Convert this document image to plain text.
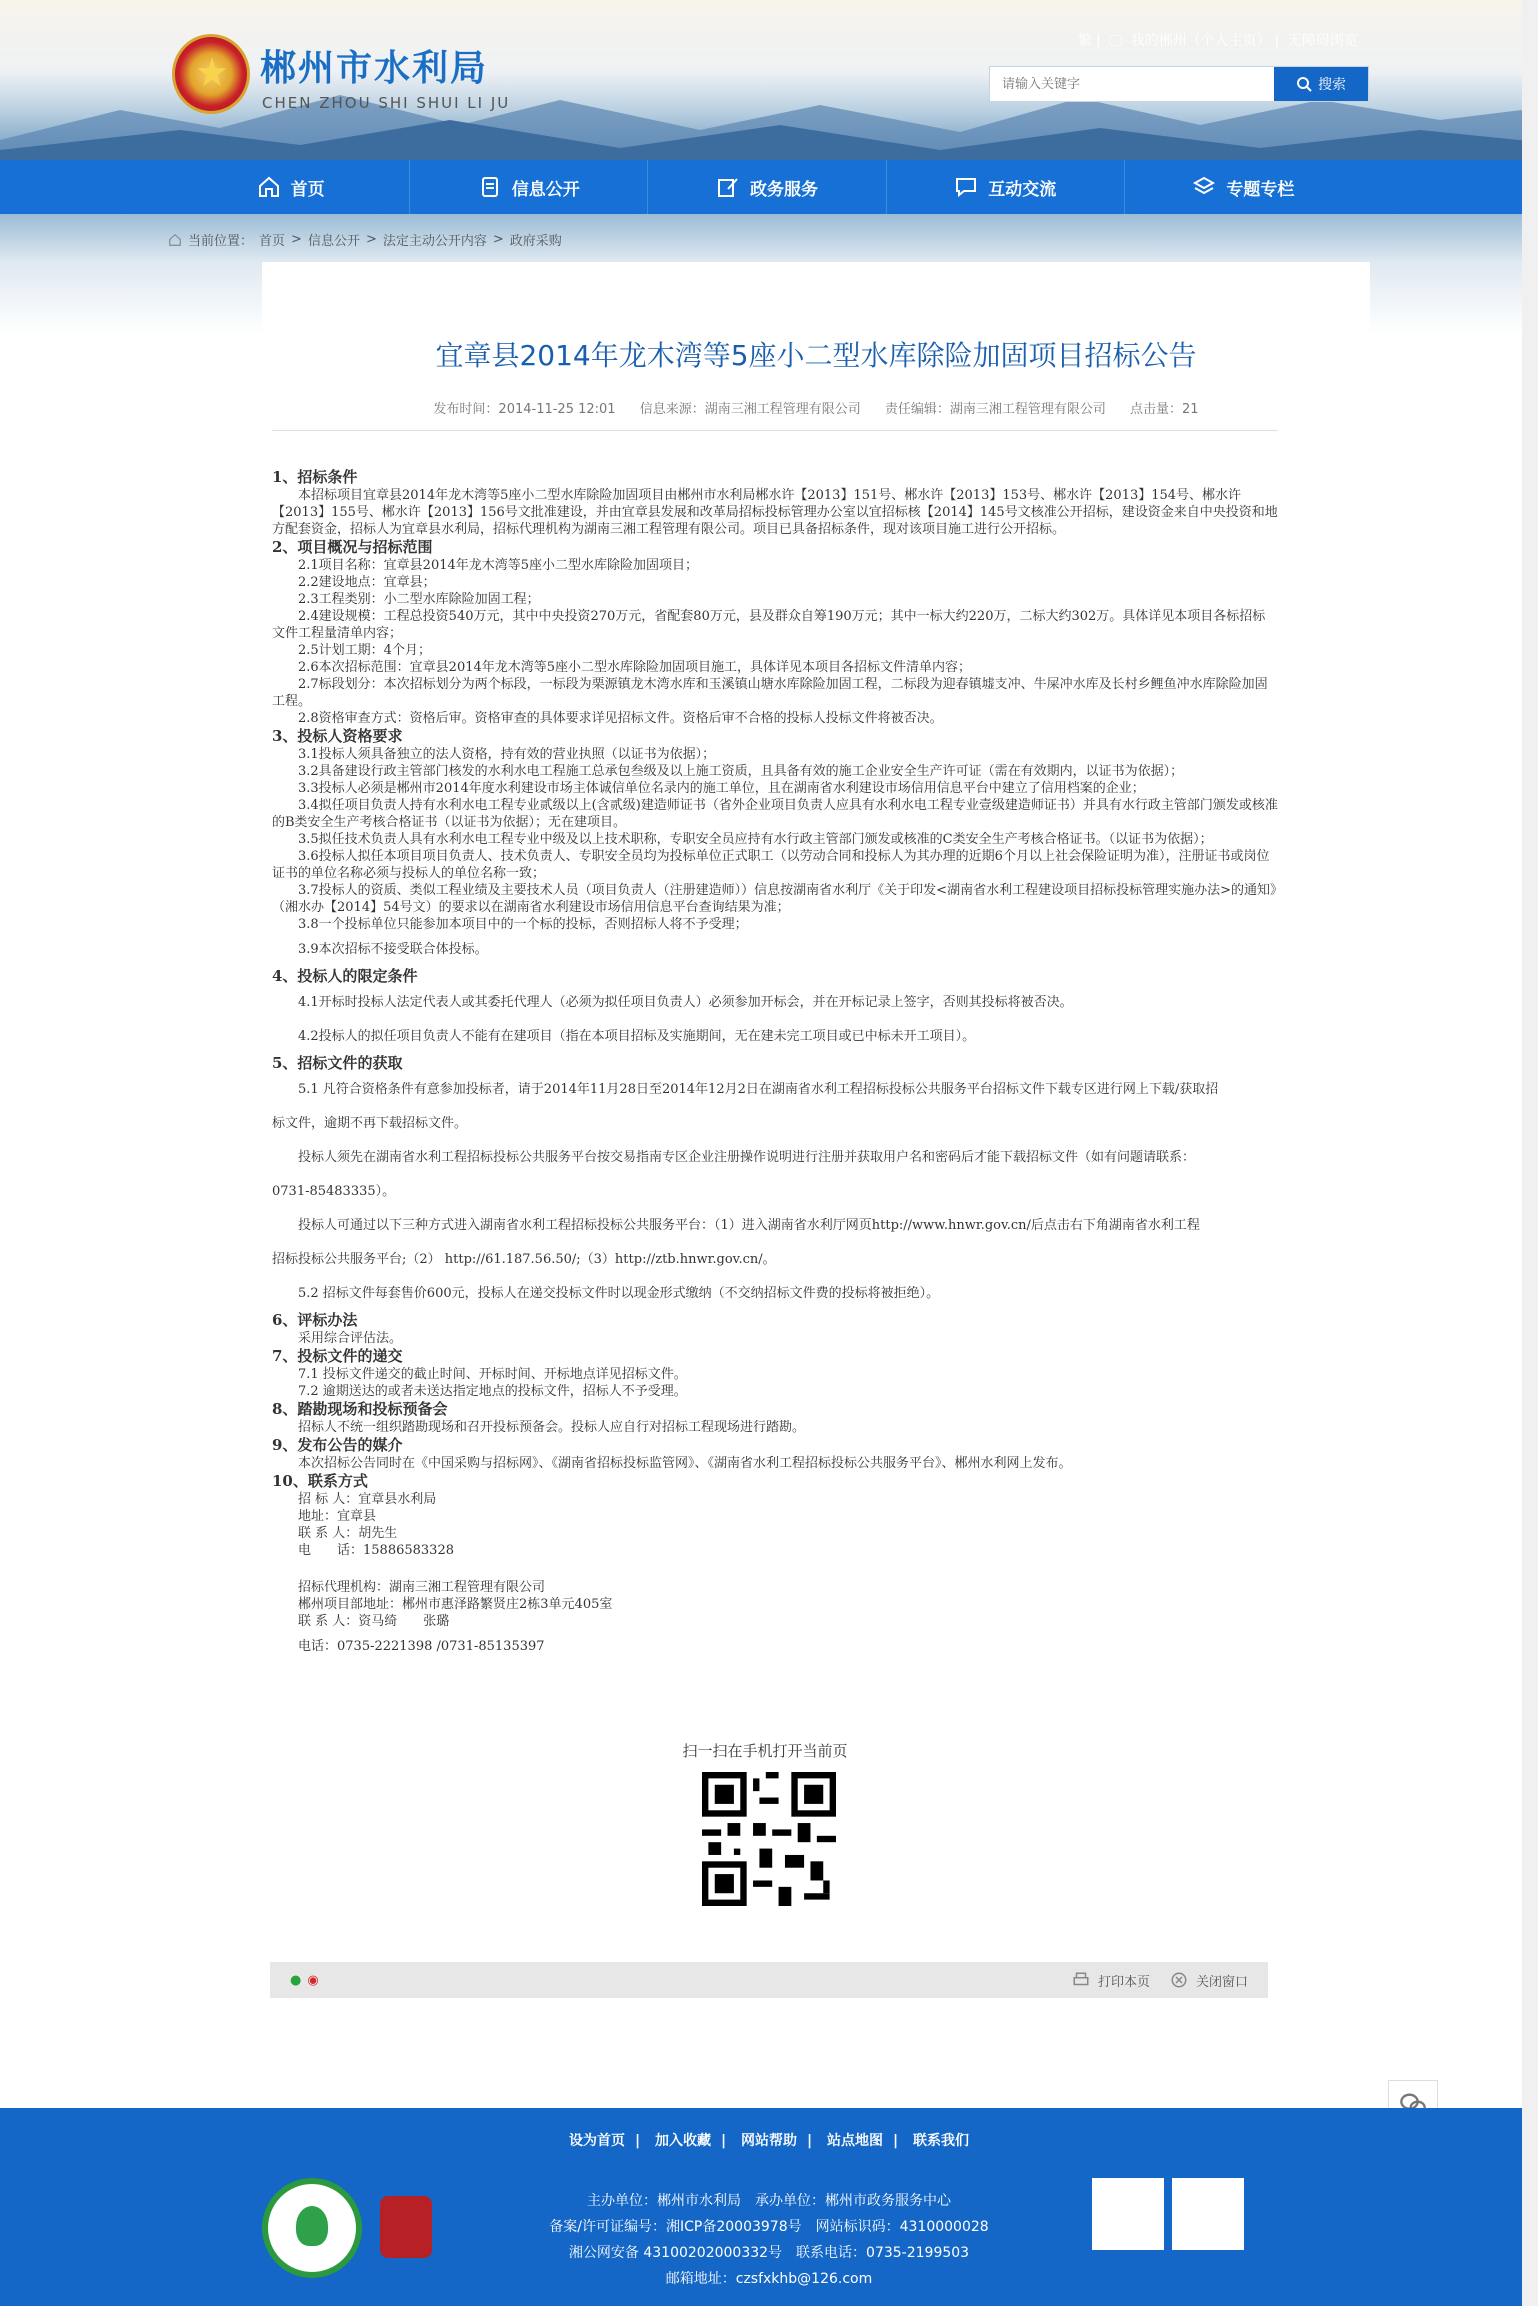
郴州市水利局
CHEN ZHOU SHI SHUI LI JU
繁 | 🖵 我的郴州（个人主页） | 无障碍浏览
请输入关键字
搜索
首页	信息公开	政务服务	互动交流	专题专栏
当前位置： 首页 > 信息公开 > 法定主动公开内容 > 政府采购
宜章县2014年龙木湾等5座小二型水库除险加固项目招标公告
发布时间：2014-11-25 12:01 信息来源：湖南三湘工程管理有限公司 责任编辑：湖南三湘工程管理有限公司 点击量：21
1、招标条件
本招标项目宜章县2014年龙木湾等5座小二型水库除险加固项目由郴州市水利局郴水许【2013】151号、郴水许【2013】153号、郴水许【2013】154号、郴水许【2013】155号、郴水许【2013】156号文批准建设，并由宜章县发展和改革局招标投标管理办公室以宜招标核【2014】145号文核准公开招标，建设资金来自中央投资和地方配套资金，招标人为宜章县水利局，招标代理机构为湖南三湘工程管理有限公司。项目已具备招标条件，现对该项目施工进行公开招标。
2、项目概况与招标范围
2.1项目名称：宜章县2014年龙木湾等5座小二型水库除险加固项目；
2.2建设地点：宜章县；
2.3工程类别：小二型水库除险加固工程；
2.4建设规模：工程总投资540万元，其中中央投资270万元，省配套80万元，县及群众自筹190万元；其中一标大约220万，二标大约302万。具体详见本项目各标招标文件工程量清单内容；
2.5计划工期：4个月；
2.6本次招标范围：宜章县2014年龙木湾等5座小二型水库除险加固项目施工，具体详见本项目各招标文件清单内容；
2.7标段划分：本次招标划分为两个标段，一标段为栗源镇龙木湾水库和玉溪镇山塘水库除险加固工程，二标段为迎春镇墟支冲、牛屎冲水库及长村乡鲤鱼冲水库除险加固工程。
2.8资格审查方式：资格后审。资格审查的具体要求详见招标文件。资格后审不合格的投标人投标文件将被否决。
3、投标人资格要求
3.1投标人须具备独立的法人资格，持有效的营业执照（以证书为依据）；
3.2具备建设行政主管部门核发的水利水电工程施工总承包叁级及以上施工资质，且具备有效的施工企业安全生产许可证（需在有效期内，以证书为依据）；
3.3投标人必须是郴州市2014年度水利建设市场主体诚信单位名录内的施工单位，且在湖南省水利建设市场信用信息平台中建立了信用档案的企业；
3.4拟任项目负责人持有水利水电工程专业贰级以上(含贰级)建造师证书（省外企业项目负责人应具有水利水电工程专业壹级建造师证书）并具有水行政主管部门颁发或核准的B类安全生产考核合格证书（以证书为依据）；无在建项目。
3.5拟任技术负责人具有水利水电工程专业中级及以上技术职称，专职安全员应持有水行政主管部门颁发或核准的C类安全生产考核合格证书。（以证书为依据）；
3.6投标人拟任本项目项目负责人、技术负责人、专职安全员均为投标单位正式职工（以劳动合同和投标人为其办理的近期6个月以上社会保险证明为准），注册证书或岗位证书的单位名称必须与投标人的单位名称一致；
3.7投标人的资质、类似工程业绩及主要技术人员（项目负责人（注册建造师））信息按湖南省水利厅《关于印发<湖南省水利工程建设项目招标投标管理实施办法>的通知》（湘水办【2014】54号文）的要求以在湖南省水利建设市场信用信息平台查询结果为准；
3.8一个投标单位只能参加本项目中的一个标的投标，否则招标人将不予受理；
3.9本次招标不接受联合体投标。
4、投标人的限定条件
4.1开标时投标人法定代表人或其委托代理人（必须为拟任项目负责人）必须参加开标会，并在开标记录上签字，否则其投标将被否决。
4.2投标人的拟任项目负责人不能有在建项目（指在本项目招标及实施期间，无在建未完工项目或已中标未开工项目）。
5、招标文件的获取
5.1 凡符合资格条件有意参加投标者，请于2014年11月28日至2014年12月2日在湖南省水利工程招标投标公共服务平台招标文件下载专区进行网上下载/获取招
标文件，逾期不再下载招标文件。
投标人须先在湖南省水利工程招标投标公共服务平台按交易指南专区企业注册操作说明进行注册并获取用户名和密码后才能下载招标文件（如有问题请联系：
0731-85483335）。
投标人可通过以下三种方式进入湖南省水利工程招标投标公共服务平台：（1）进入湖南省水利厅网页http://www.hnwr.gov.cn/后点击右下角湖南省水利工程
招标投标公共服务平台;（2） http://61.187.56.50/;（3）http://ztb.hnwr.gov.cn/。
5.2 招标文件每套售价600元，投标人在递交投标文件时以现金形式缴纳（不交纳招标文件费的投标将被拒绝）。
6、评标办法
采用综合评估法。
7、投标文件的递交
7.1 投标文件递交的截止时间、开标时间、开标地点详见招标文件。
7.2 逾期送达的或者未送达指定地点的投标文件，招标人不予受理。
8、踏勘现场和投标预备会
招标人不统一组织踏勘现场和召开投标预备会。投标人应自行对招标工程现场进行踏勘。
9、发布公告的媒介
本次招标公告同时在《中国采购与招标网》、《湖南省招标投标监管网》、《湖南省水利工程招标投标公共服务平台》、郴州水利网上发布。
10、联系方式
招 标 人：宜章县水利局
地址：宜章县
联 系 人：胡先生
电　　话：15886583328
招标代理机构：湖南三湘工程管理有限公司
郴州项目部地址：郴州市惠泽路繁贤庄2栋3单元405室
联 系 人：资马绮　　张璐
电话：0735-2221398 /0731-85135397
扫一扫在手机打开当前页
● ◉	打印本页	关闭窗口
设为首页 | 加入收藏 | 网站帮助 | 站点地图 | 联系我们
主办单位：郴州市水利局　承办单位：郴州市政务服务中心
备案/许可证编号：湘ICP备20003978号　网站标识码：4310000028
湘公网安备 43100202000332号　联系电话：0735-2199503
邮箱地址：czsfxkhb@126.com
